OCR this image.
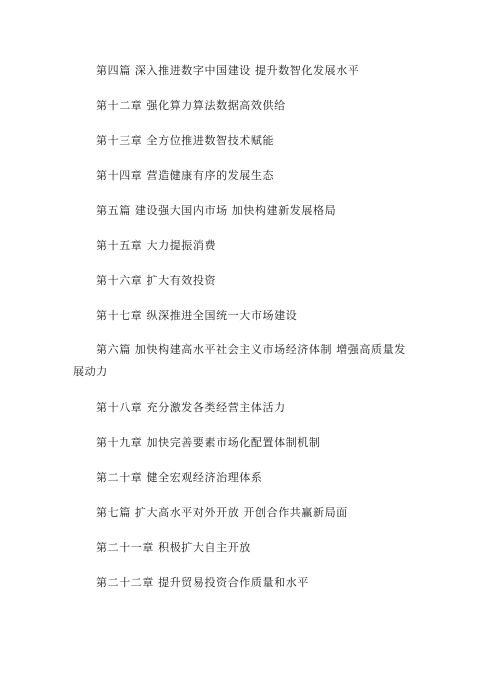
第四篇 深入推进数字中国建设 提升数智化发展水平
第十二章 强化算力算法数据高效供给
第十三章 全方位推进数智技术赋能
第十四章 营造健康有序的发展生态
第五篇 建设强大国内市场 加快构建新发展格局
第十五章 大力提振消费
第十六章 扩大有效投资
第十七章 纵深推进全国统一大市场建设
第六篇 加快构建高水平社会主义市场经济体制 增强高质量发展动力
第十八章 充分激发各类经营主体活力
第十九章 加快完善要素市场化配置体制机制
第二十章 健全宏观经济治理体系
第七篇 扩大高水平对外开放 开创合作共赢新局面
第二十一章 积极扩大自主开放
第二十二章 提升贸易投资合作质量和水平
